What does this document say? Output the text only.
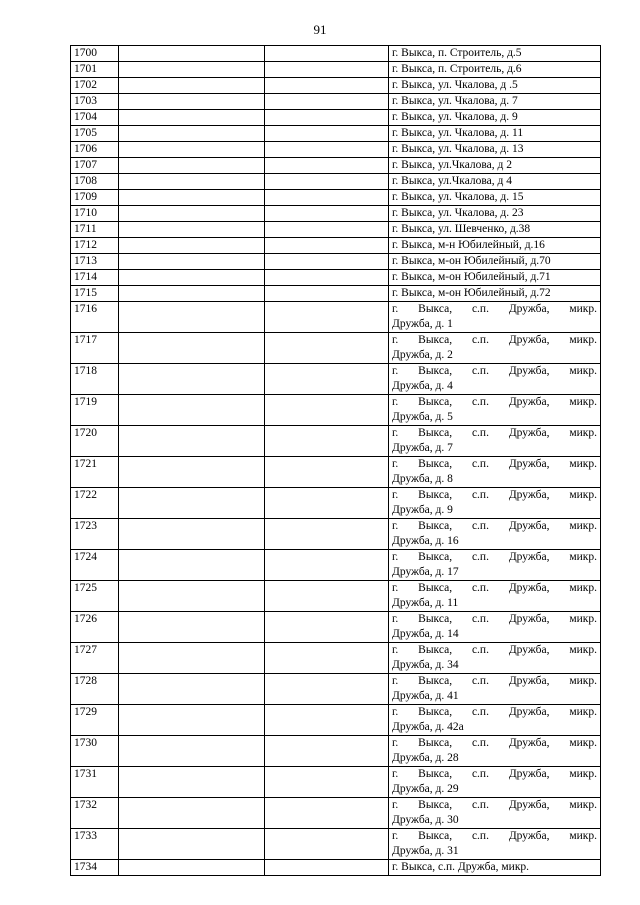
91
1700			г. Выкса, п. Строитель, д.5
1701			г. Выкса, п. Строитель, д.6
1702			г. Выкса, ул. Чкалова, д .5
1703			г. Выкса, ул. Чкалова, д. 7
1704			г. Выкса, ул. Чкалова, д. 9
1705			г. Выкса, ул. Чкалова, д. 11
1706			г. Выкса, ул. Чкалова, д. 13
1707			г. Выкса, ул.Чкалова, д 2
1708			г. Выкса, ул.Чкалова, д 4
1709			г. Выкса, ул. Чкалова, д. 15
1710			г. Выкса, ул. Чкалова, д. 23
1711			г. Выкса, ул. Шевченко, д.38
1712			г. Выкса, м-н Юбилейный, д.16
1713			г. Выкса, м-он Юбилейный, д.70
1714			г. Выкса, м-он Юбилейный, д.71
1715			г. Выкса, м-он Юбилейный, д.72
1716			г. Выкса, с.п. Дружба, микр.
Дружба, д. 1

1717			г. Выкса, с.п. Дружба, микр.
Дружба, д. 2

1718			г. Выкса, с.п. Дружба, микр.
Дружба, д. 4

1719			г. Выкса, с.п. Дружба, микр.
Дружба, д. 5

1720			г. Выкса, с.п. Дружба, микр.
Дружба, д. 7

1721			г. Выкса, с.п. Дружба, микр.
Дружба, д. 8

1722			г. Выкса, с.п. Дружба, микр.
Дружба, д. 9

1723			г. Выкса, с.п. Дружба, микр.
Дружба, д. 16

1724			г. Выкса, с.п. Дружба, микр.
Дружба, д. 17

1725			г. Выкса, с.п. Дружба, микр.
Дружба, д. 11

1726			г. Выкса, с.п. Дружба, микр.
Дружба, д. 14

1727			г. Выкса, с.п. Дружба, микр.
Дружба, д. 34

1728			г. Выкса, с.п. Дружба, микр.
Дружба, д. 41

1729			г. Выкса, с.п. Дружба, микр.
Дружба, д. 42а

1730			г. Выкса, с.п. Дружба, микр.
Дружба, д. 28

1731			г. Выкса, с.п. Дружба, микр.
Дружба, д. 29

1732			г. Выкса, с.п. Дружба, микр.
Дружба, д. 30

1733			г. Выкса, с.п. Дружба, микр.
Дружба, д. 31

1734			г. Выкса, с.п. Дружба, микр.
